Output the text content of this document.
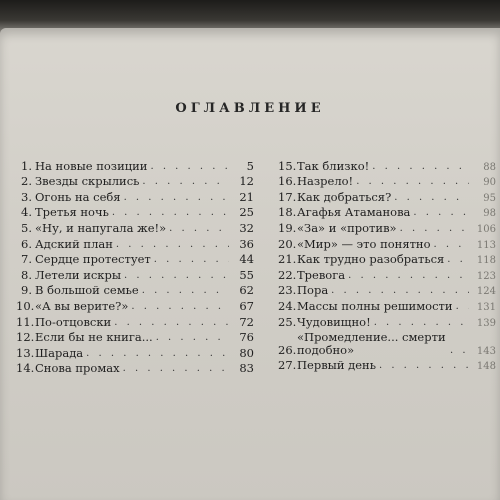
ОГЛАВЛЕНИЕ
1. На новые позиции . . .	5
2. Звезды скрылись . . .	12
3. Огонь на себя . . .	21
4. Третья ночь . . .	25
5. «Ну, и напугала же!» . . .	32
6. Адский план . . .	36
7. Сердце протестует . . .	44
8. Летели искры . . .	55
9. В большой семье . . .	62
10. «А вы верите?» . . .	67
11. По-отцовски . . .	72
12. Если бы не книга... . . .	76
13. Шарада . . .	80
14. Снова промах . . .	83
15. Так близко! . . .	88
16. Назрело! . . .	90
17. Как добраться? . . .	95
18. Агафья Атаманова . . .	98
19. «За» и «против» . . .	106
20. «Мир» — это понятно . . .	113
21. Как трудно разобраться . . .	118
22. Тревога . . .	123
23. Пора . . .	124
24. Массы полны решимости . . .	131
25. Чудовищно! . . .	139
26.
«Промедление... смерти подобно» . . .	143
27. Первый день . . .	148
